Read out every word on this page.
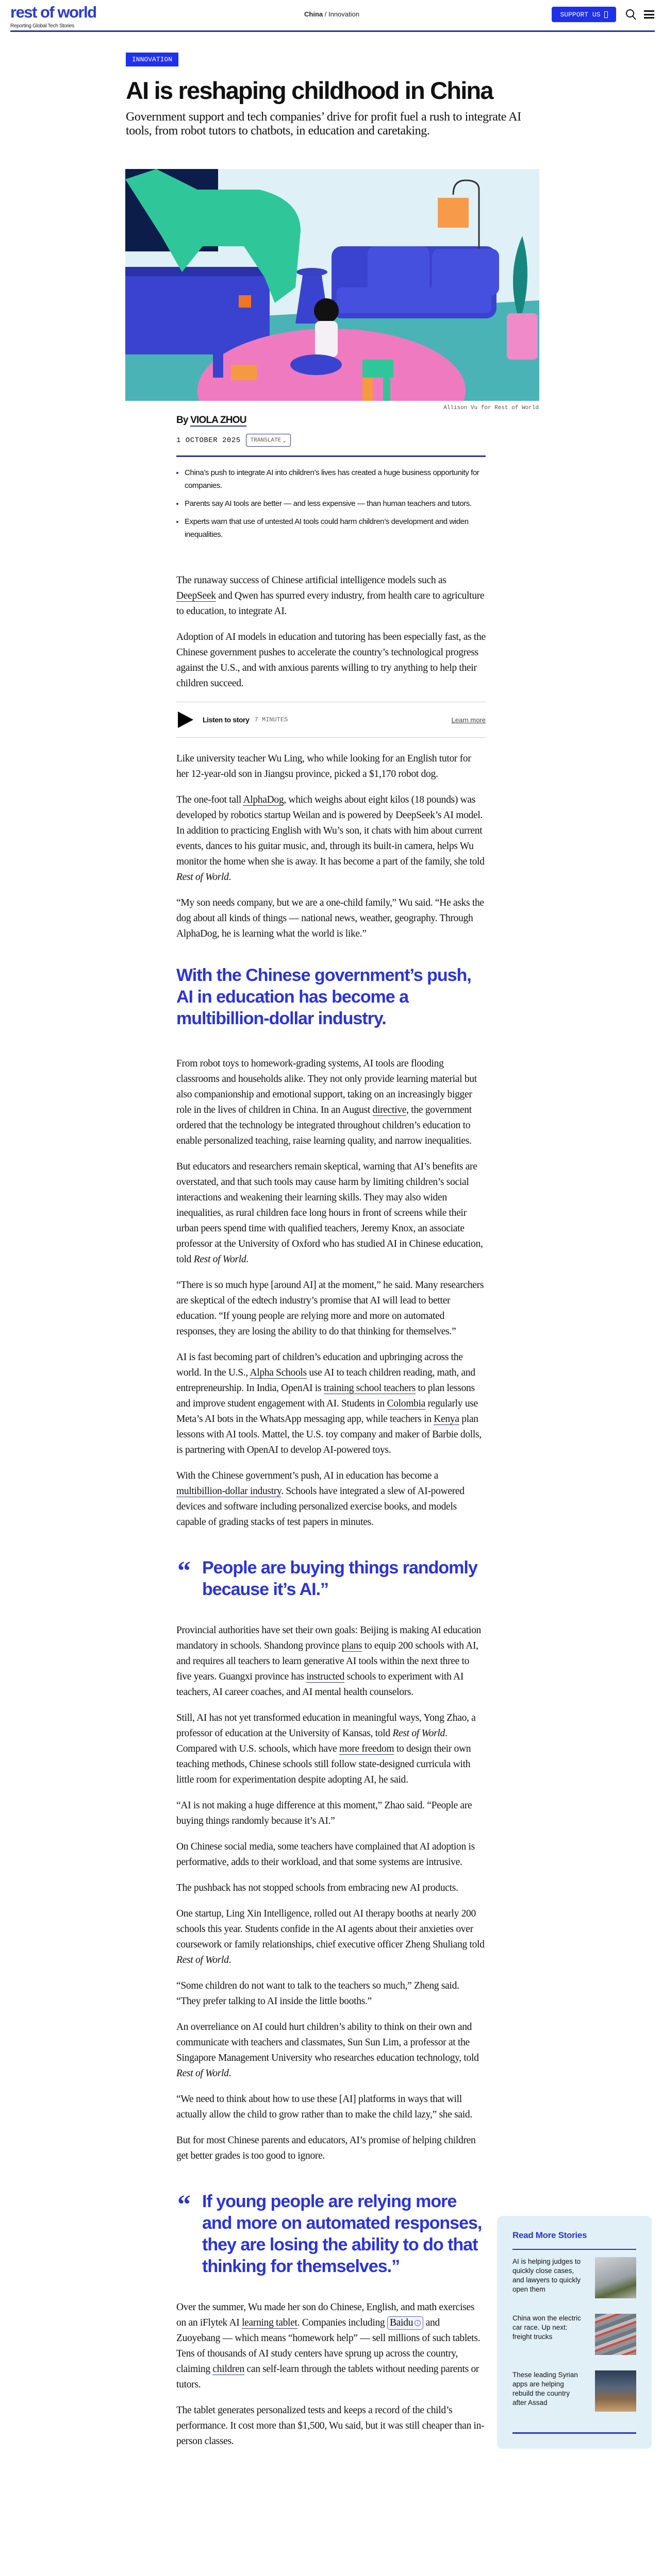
rest of world
Reporting Global Tech Stories
China / Innovation	SUPPORT US
INNOVATION
AI is reshaping childhood in China

Government support and tech companies’ drive for profit fuel a rush to integrate AI tools, from robot tutors to chatbots, in education and caretaking.

Allison Vu for Rest of World
By VIOLA ZHOU
1 OCTOBER 2025 TRANSLATE ⌄
China’s push to integrate AI into children’s lives has created a huge business opportunity for companies.
Parents say AI tools are better — and less expensive — than human teachers and tutors.
Experts warn that use of untested AI tools could harm children’s development and widen inequalities.

The runaway success of Chinese artificial intelligence models such as DeepSeek and Qwen has spurred every industry, from health care to agriculture to education, to integrate AI.

Adoption of AI models in education and tutoring has been especially fast, as the Chinese government pushes to accelerate the country’s technological progress against the U.S., and with anxious parents willing to try anything to help their children succeed.

Listen to story 7 MINUTES	Learn more

Like university teacher Wu Ling, who while looking for an English tutor for her 12-year-old son in Jiangsu province, picked a $1,170 robot dog.

The one-foot tall AlphaDog, which weighs about eight kilos (18 pounds) was developed by robotics startup Weilan and is powered by DeepSeek’s AI model. In addition to practicing English with Wu’s son, it chats with him about current events, dances to his guitar music, and, through its built-in camera, helps Wu monitor the home when she is away. It has become a part of the family, she told Rest of World.

“My son needs company, but we are a one-child family,” Wu said. “He asks the dog about all kinds of things — national news, weather, geography. Through AlphaDog, he is learning what the world is like.”

With the Chinese government’s push, AI in education has become a multibillion-dollar industry.

From robot toys to homework-grading systems, AI tools are flooding classrooms and households alike. They not only provide learning material but also companionship and emotional support, taking on an increasingly bigger role in the lives of children in China. In an August directive, the government ordered that the technology be integrated throughout children’s education to enable personalized teaching, raise learning quality, and narrow inequalities.

But educators and researchers remain skeptical, warning that AI’s benefits are overstated, and that such tools may cause harm by limiting children’s social interactions and weakening their learning skills. They may also widen inequalities, as rural children face long hours in front of screens while their urban peers spend time with qualified teachers, Jeremy Knox, an associate professor at the University of Oxford who has studied AI in Chinese education, told Rest of World.

“There is so much hype [around AI] at the moment,” he said. Many researchers are skeptical of the edtech industry’s promise that AI will lead to better education. “If young people are relying more and more on automated responses, they are losing the ability to do that thinking for themselves.”

AI is fast becoming part of children’s education and upbringing across the world. In the U.S., Alpha Schools use AI to teach children reading, math, and entrepreneurship. In India, OpenAI is training school teachers to plan lessons and improve student engagement with AI. Students in Colombia regularly use Meta’s AI bots in the WhatsApp messaging app, while teachers in Kenya plan lessons with AI tools. Mattel, the U.S. toy company and maker of Barbie dolls, is partnering with OpenAI to develop AI-powered toys.

With the Chinese government’s push, AI in education has become a multibillion-dollar industry. Schools have integrated a slew of AI-powered devices and software including personalized exercise books, and models capable of grading stacks of test papers in minutes.

“ People are buying things randomly because it’s AI.”

Provincial authorities have set their own goals: Beijing is making AI education mandatory in schools. Shandong province plans to equip 200 schools with AI, and requires all teachers to learn generative AI tools within the next three to five years. Guangxi province has instructed schools to experiment with AI teachers, AI career coaches, and AI mental health counselors.

Still, AI has not yet transformed education in meaningful ways, Yong Zhao, a professor of education at the University of Kansas, told Rest of World. Compared with U.S. schools, which have more freedom to design their own teaching methods, Chinese schools still follow state-designed curricula with little room for experimentation despite adopting AI, he said.

“AI is not making a huge difference at this moment,” Zhao said. “People are buying things randomly because it’s AI.”

On Chinese social media, some teachers have complained that AI adoption is performative, adds to their workload, and that some systems are intrusive.

The pushback has not stopped schools from embracing new AI products.

One startup, Ling Xin Intelligence, rolled out AI therapy booths at nearly 200 schools this year. Students confide in the AI agents about their anxieties over coursework or family relationships, chief executive officer Zheng Shuliang told Rest of World.

“Some children do not want to talk to the teachers so much,” Zheng said. “They prefer talking to AI inside the little booths.”

An overreliance on AI could hurt children’s ability to think on their own and communicate with teachers and classmates, Sun Sun Lim, a professor at the Singapore Management University who researches education technology, told Rest of World.

“We need to think about how to use these [AI] platforms in ways that will actually allow the child to grow rather than to make the child lazy,” she said.

But for most Chinese parents and educators, AI’s promise of helping children get better grades is too good to ignore.

“ If young people are relying more and more on automated responses, they are losing the ability to do that thinking for themselves.”

Over the summer, Wu made her son do Chinese, English, and math exercises on an iFlytek AI learning tablet. Companies including Baidu i and Zuoyebang — which means “homework help” — sell millions of such tablets. Tens of thousands of AI study centers have sprung up across the country, claiming children can self-learn through the tablets without needing parents or tutors.

The tablet generates personalized tests and keeps a record of the child’s performance. It cost more than $1,500, Wu said, but it was still cheaper than in-person classes.

Read More Stories
AI is helping judges to quickly close cases, and lawyers to quickly open them
China won the electric car race. Up next: freight trucks
These leading Syrian apps are helping rebuild the country after Assad
